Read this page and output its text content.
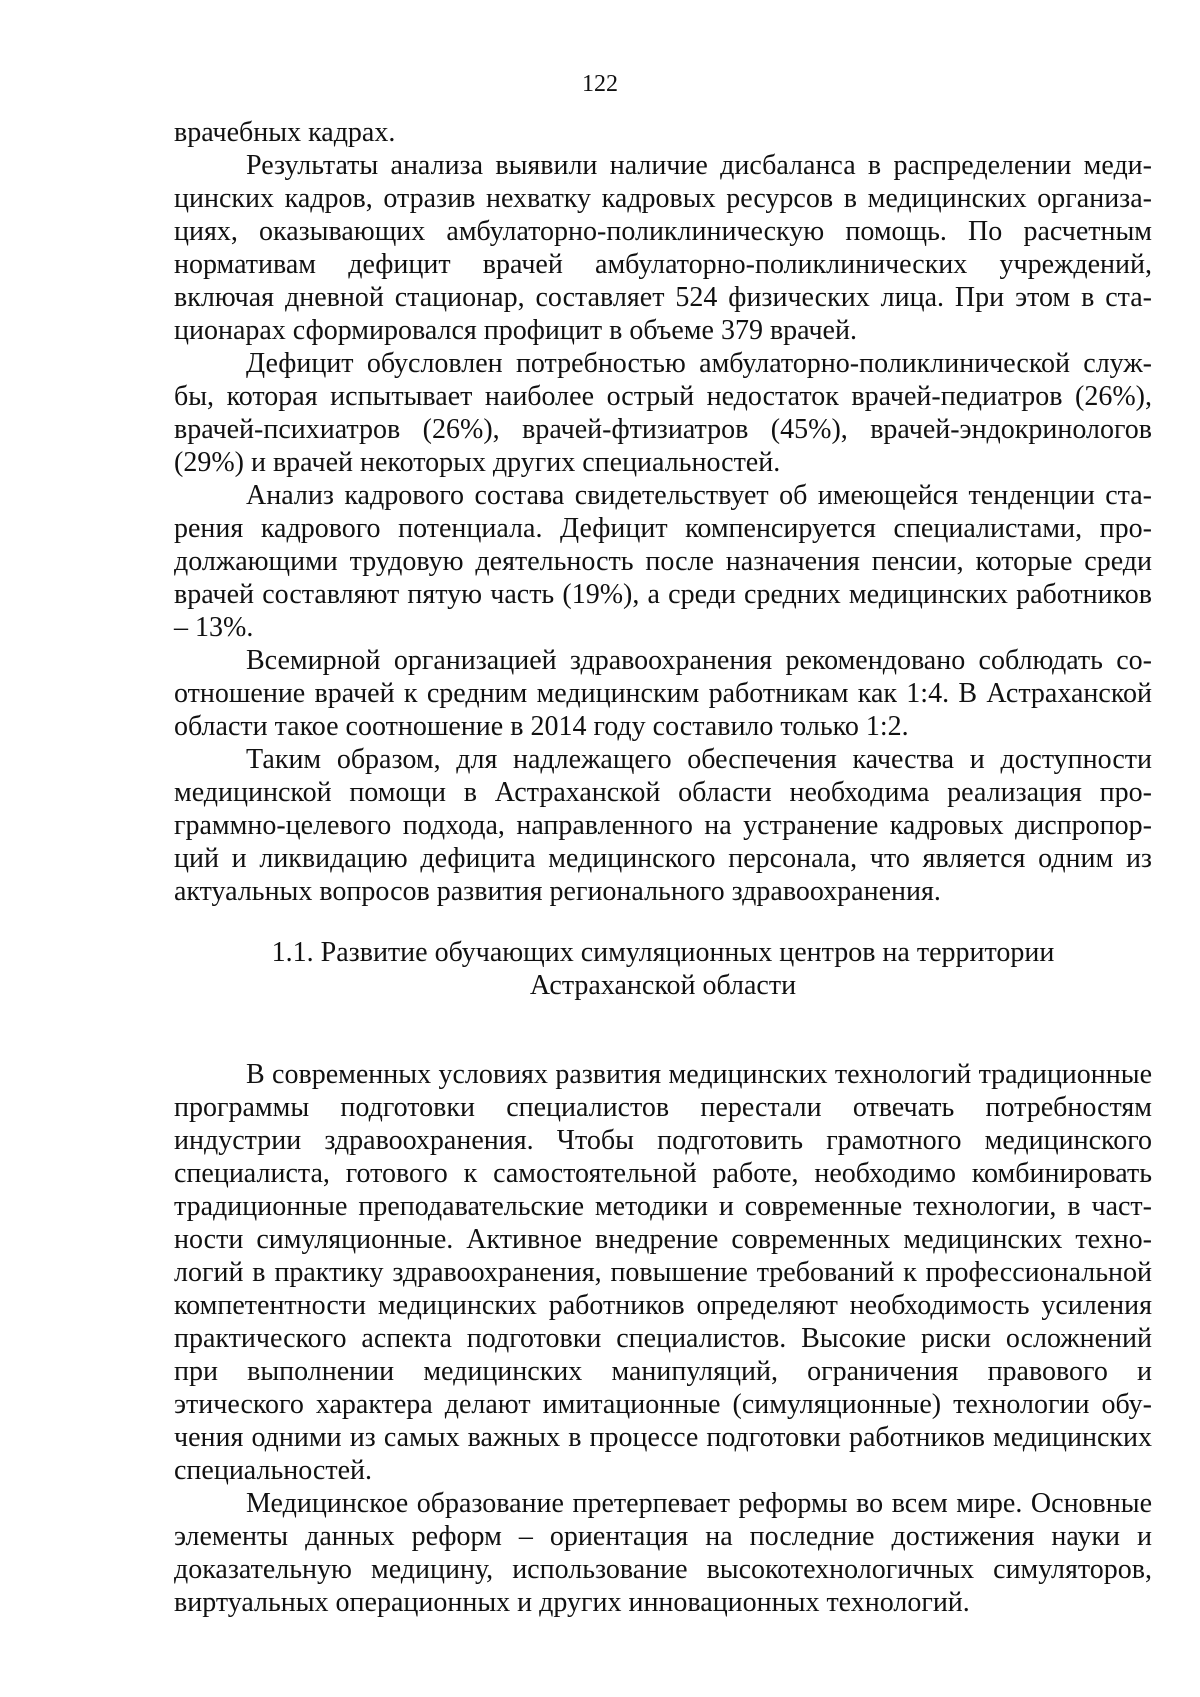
122

врачебных кадрах.

Результаты анализа выявили наличие дисбаланса в распределении медицинских кадров, отразив нехватку кадровых ресурсов в медицинских организациях, оказывающих амбулаторно-поликлиническую помощь. По расчетным нормативам дефицит врачей амбулаторно-поликлинических учреждений, включая дневной стационар, составляет 524 физических лица. При этом в стационарах сформировался профицит в объеме 379 врачей.

Дефицит обусловлен потребностью амбулаторно-поликлинической службы, которая испытывает наиболее острый недостаток врачей-педиатров (26%), врачей-психиатров (26%), врачей-фтизиатров (45%), врачей-эндокринологов (29%) и врачей некоторых других специальностей.

Анализ кадрового состава свидетельствует об имеющейся тенденции старения кадрового потенциала. Дефицит компенсируется специалистами, продолжающими трудовую деятельность после назначения пенсии, которые среди врачей составляют пятую часть (19%), а среди средних медицинских работников – 13%.

Всемирной организацией здравоохранения рекомендовано соблюдать соотношение врачей к средним медицинским работникам как 1:4. В Астраханской области такое соотношение в 2014 году составило только 1:2.

Таким образом, для надлежащего обеспечения качества и доступности медицинской помощи в Астраханской области необходима реализация программно-целевого подхода, направленного на устранение кадровых диспропорций и ликвидацию дефицита медицинского персонала, что является одним из актуальных вопросов развития регионального здравоохранения.

1.1. Развитие обучающих симуляционных центров на территории
Астраханской области

В современных условиях развития медицинских технологий традиционные программы подготовки специалистов перестали отвечать потребностям индустрии здравоохранения. Чтобы подготовить грамотного медицинского специалиста, готового к самостоятельной работе, необходимо комбинировать традиционные преподавательские методики и современные технологии, в частности симуляционные. Активное внедрение современных медицинских технологий в практику здравоохранения, повышение требований к профессиональной компетентности медицинских работников определяют необходимость усиления практического аспекта подготовки специалистов. Высокие риски осложнений при выполнении медицинских манипуляций, ограничения правового и этического характера делают имитационные (симуляционные) технологии обучения одними из самых важных в процессе подготовки работников медицинских специальностей.

Медицинское образование претерпевает реформы во всем мире. Основные элементы данных реформ – ориентация на последние достижения науки и доказательную медицину, использование высокотехнологичных симуляторов, виртуальных операционных и других инновационных технологий.
